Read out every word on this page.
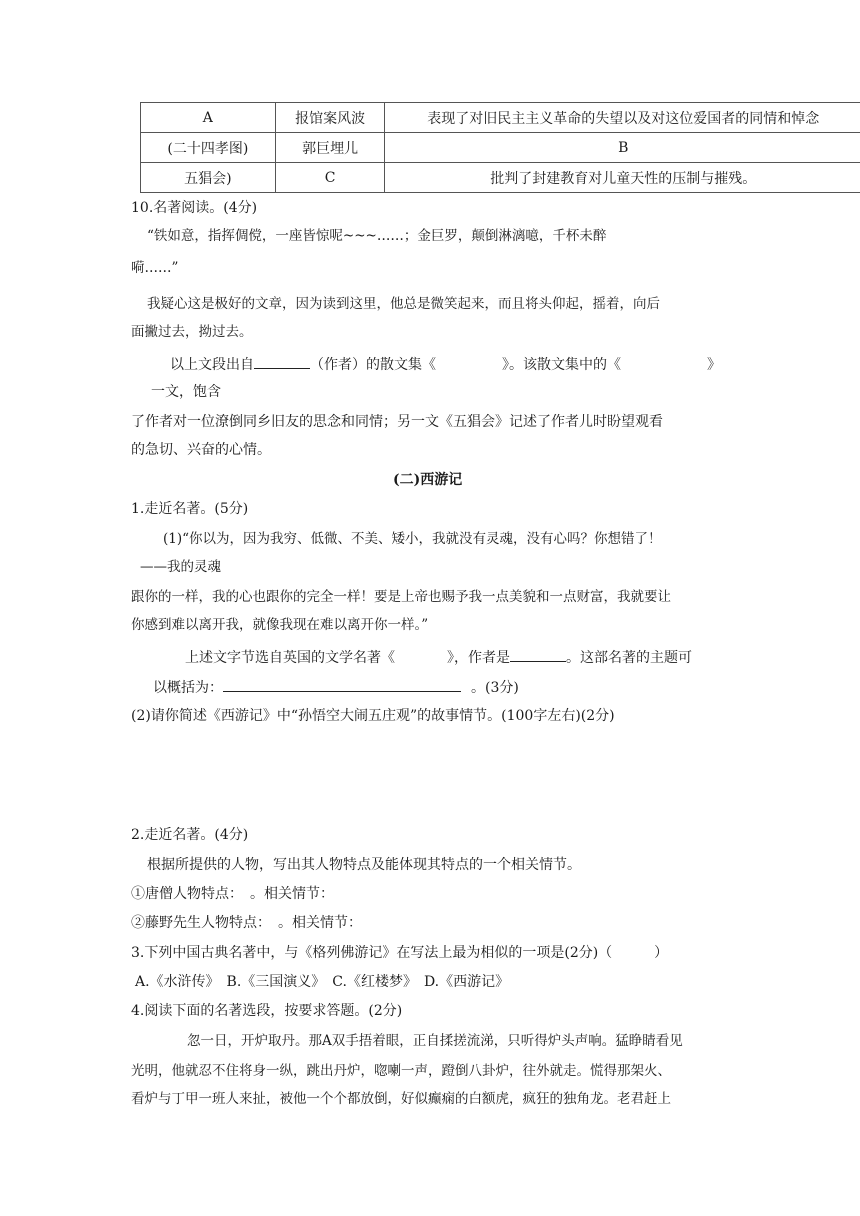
A	报馆案风波	表现了对旧民主主义革命的失望以及对这位爱国者的同情和悼念
(二十四孝图)	郭巨埋儿	B
五猖会)	C	批判了封建教育对儿童天性的压制与摧残。
10.名著阅读。(4分)
“铁如意，指挥倜傥，一座皆惊呢~~~……；金巨罗，颠倒淋漓噫，千杯未醉
嗬……”
我疑心这是极好的文章，因为读到这里，他总是微笑起来，而且将头仰起，摇着，向后
面撇过去，拗过去。
以上文段出自	（作者）的散文集《	》。该散文集中的《	》
一文，饱含
了作者对一位潦倒同乡旧友的思念和同情；另一文《五猖会》记述了作者儿时盼望观看
的急切、兴奋的心情。
(二)西游记
1.走近名著。(5分)
(1)“你以为，因为我穷、低微、不美、矮小，我就没有灵魂，没有心吗？你想错了！
——我的灵魂
跟你的一样，我的心也跟你的完全一样！要是上帝也赐予我一点美貌和一点财富，我就要让
你感到难以离开我，就像我现在难以离开你一样。”
上述文字节选自英国的文学名著《	》，作者是	。这部名著的主题可
以概括为：	。(3分)
(2)请你简述《西游记》中“孙悟空大闹五庄观”的故事情节。(100字左右)(2分)
2.走近名著。(4分)
根据所提供的人物，写出其人物特点及能体现其特点的一个相关情节。
①唐僧人物特点：　。相关情节：
②藤野先生人物特点：　。相关情节：
3.下列中国古典名著中，与《格列佛游记》在写法上最为相似的一项是(2分)（　　　）
A.《水浒传》　B.《三国演义》　C.《红楼梦》　D.《西游记》
4.阅读下面的名著选段，按要求答题。(2分)
忽一日，开炉取丹。那A双手捂着眼，正自揉搓流涕，只听得炉头声响。猛睁睛看见
光明，他就忍不住将身一纵，跳出丹炉，唿喇一声，蹬倒八卦炉，往外就走。慌得那架火、
看炉与丁甲一班人来扯，被他一个个都放倒，好似癫痫的白额虎，疯狂的独角龙。老君赶上
